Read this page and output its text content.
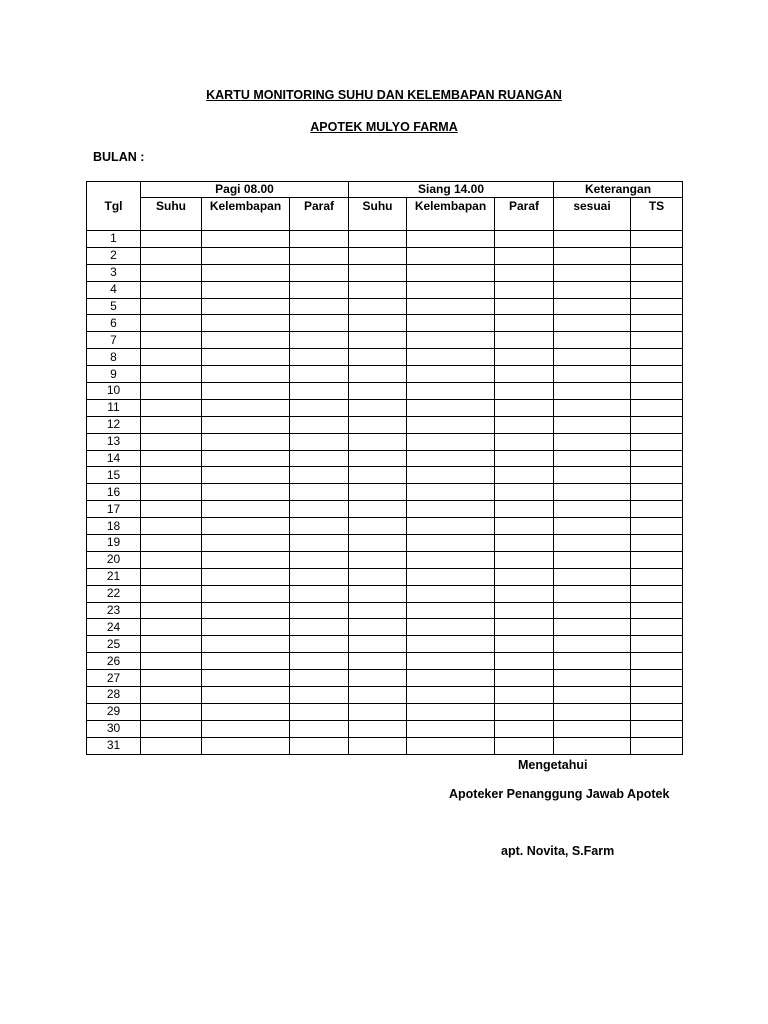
KARTU MONITORING SUHU DAN KELEMBAPAN RUANGAN
APOTEK MULYO FARMA
BULAN :
Tgl	Pagi 08.00			Siang 14.00			Keterangan	
	Suhu	Kelembapan	Paraf	Suhu	Kelembapan	Paraf	sesuai	TS
1								
2								
3								
4								
5								
6								
7								
8								
9								
10								
11								
12								
13								
14								
15								
16								
17								
18								
19								
20								
21								
22								
23								
24								
25								
26								
27								
28								
29								
30								
31								
Mengetahui
Apoteker Penanggung Jawab Apotek
apt. Novita, S.Farm
